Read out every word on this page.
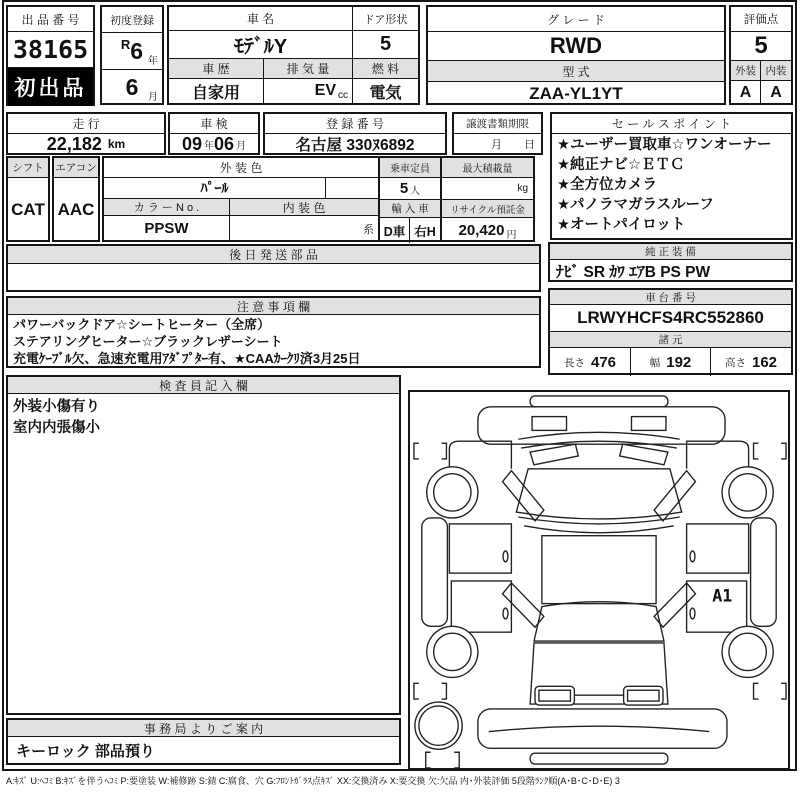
出 品 番 号
38165
初出品
初度登録
R 6 年
6 月
車 名	ドア形状
ﾓﾃﾞﾙY	5
車 歴	排 気 量	燃 料
自家用	EV cc	電気
グ レ ー ド
RWD
型 式
ZAA-YL1YT
評価点
5
外装 内装
A	A
走 行
22,182 km
車 検
09 年 06 月
登 録 番 号
名古屋 330ﾇ6892
譲渡書類期限
月　　日
セ ー ル ス ポ イ ン ト
★ユーザー買取車☆ワンオーナー
★純正ナビ☆ＥＴＣ
★全方位カメラ
★パノラマガラスルーフ
★オートパイロット
シフト
CAT
エアコン
AAC
外 装 色
ﾊﾟｰﾙ
カ ラ ー N o .	内 装 色
PPSW	系
乗車定員
5 人
輸 入 車
D車 右H
最大積載量
kg
リサイクル預託金
20,420 円
後 日 発 送 部 品	純 正 装 備
ﾅﾋﾞ SR ｶﾜ ｴｱB PS PW
注 意 事 項 欄
パワーバックドア☆シートヒーター（全席）
ステアリングヒーター☆ブラックレザーシート
充電ｹｰﾌﾞﾙ欠、急速充電用ｱﾀﾞﾌﾟﾀｰ有、★CAAｶｰｸﾘ済3月25日
車 台 番 号
LRWYHCFS4RC552860
諸 元
長さ 476	幅 192	高さ 162
検 査 員 記 入 欄
外装小傷有り
室内内張傷小
事 務 局 よ り ご 案 内
キーロック 部品預り
A1
A:ｷｽﾞ U:ﾍｺﾐ B:ｷｽﾞを伴うﾍｺﾐ P:要塗装 W:補修跡 S:錆 C:腐食、穴 G:ﾌﾛﾝﾄｶﾞﾗｽ点ｷｽﾞ XX:交換済み X:要交換 欠:欠品 内･外装評価 5段階ﾗﾝｸ順(A･B･C･D･E) 3
